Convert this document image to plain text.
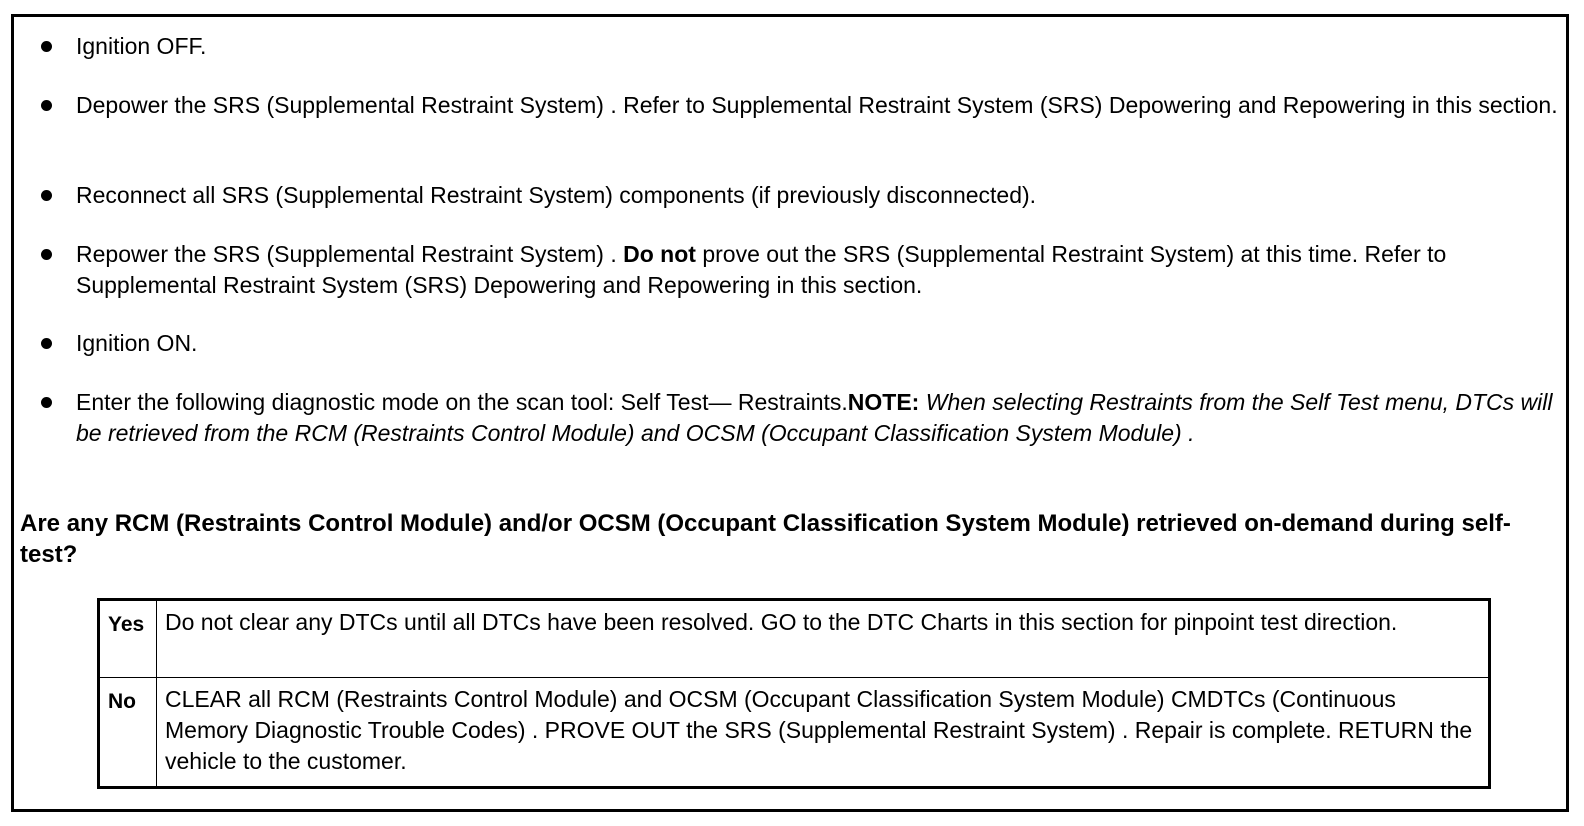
Ignition OFF.
Depower the SRS (Supplemental Restraint System) . Refer to Supplemental Restraint System (SRS) Depowering and Repowering in this section.
Reconnect all SRS (Supplemental Restraint System) components (if previously disconnected).
Repower the SRS (Supplemental Restraint System) . Do not prove out the SRS (Supplemental Restraint System) at this time. Refer to Supplemental Restraint System (SRS) Depowering and Repowering in this section.
Ignition ON.
Enter the following diagnostic mode on the scan tool: Self Test— Restraints.NOTE: When selecting Restraints from the Self Test menu, DTCs will be retrieved from the RCM (Restraints Control Module) and OCSM (Occupant Classification System Module) .
Are any RCM (Restraints Control Module) and/or OCSM (Occupant Classification System Module) retrieved on-demand during self-test?
Yes	Do not clear any DTCs until all DTCs have been resolved. GO to the DTC Charts in this section for pinpoint test direction.
No	CLEAR all RCM (Restraints Control Module) and OCSM (Occupant Classification System Module) CMDTCs (Continuous Memory Diagnostic Trouble Codes) . PROVE OUT the SRS (Supplemental Restraint System) . Repair is complete. RETURN the vehicle to the customer.
